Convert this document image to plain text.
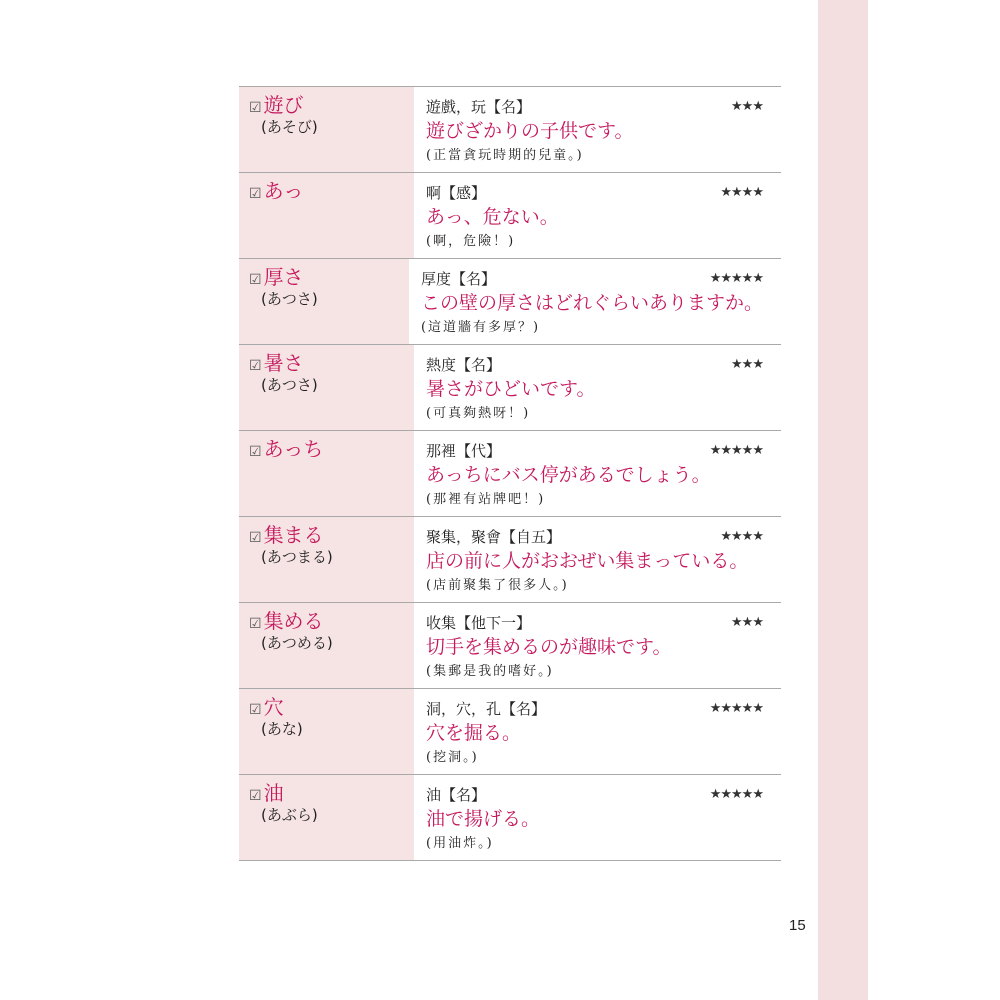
☑ 遊び
(あそび)
遊戲，玩【名】	★★★
遊びざかりの子供です。
(正當貪玩時期的兒童。)
☑ あっ	啊【感】	★★★★
あっ、危ない。
(啊，危險！)
☑ 厚さ
(あつさ)
厚度【名】	★★★★★
この壁の厚さはどれぐらいありますか。
(這道牆有多厚？)
☑ 暑さ
(あつさ)
熱度【名】	★★★
暑さがひどいです。
(可真夠熱呀！)
☑ あっち	那裡【代】	★★★★★
あっちにバス停があるでしょう。
(那裡有站牌吧！)
☑ 集まる
(あつまる)
聚集，聚會【自五】	★★★★
店の前に人がおおぜい集まっている。
(店前聚集了很多人。)
☑ 集める
(あつめる)
收集【他下一】	★★★
切手を集めるのが趣味です。
(集郵是我的嗜好。)
☑ 穴
(あな)
洞，穴，孔【名】	★★★★★
穴を掘る。
(挖洞。)
☑ 油
(あぶら)
油【名】	★★★★★
油で揚げる。
(用油炸。)
15
